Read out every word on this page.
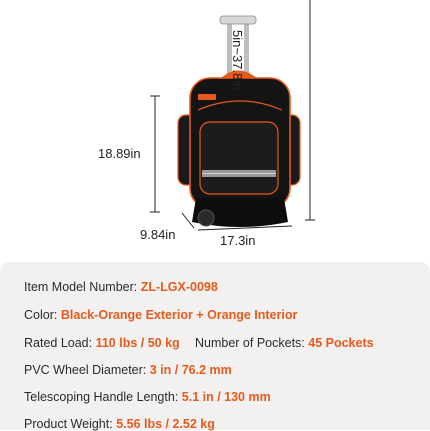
18.89in
9.84in	17.3in
5in~37.8in
Item Model Number: ZL-LGX-0098
Color: Black-Orange Exterior + Orange Interior
Rated Load: 110 lbs / 50 kg Number of Pockets: 45 Pockets
PVC Wheel Diameter: 3 in / 76.2 mm
Telescoping Handle Length: 5.1 in / 130 mm
Product Weight: 5.56 lbs / 2.52 kg
